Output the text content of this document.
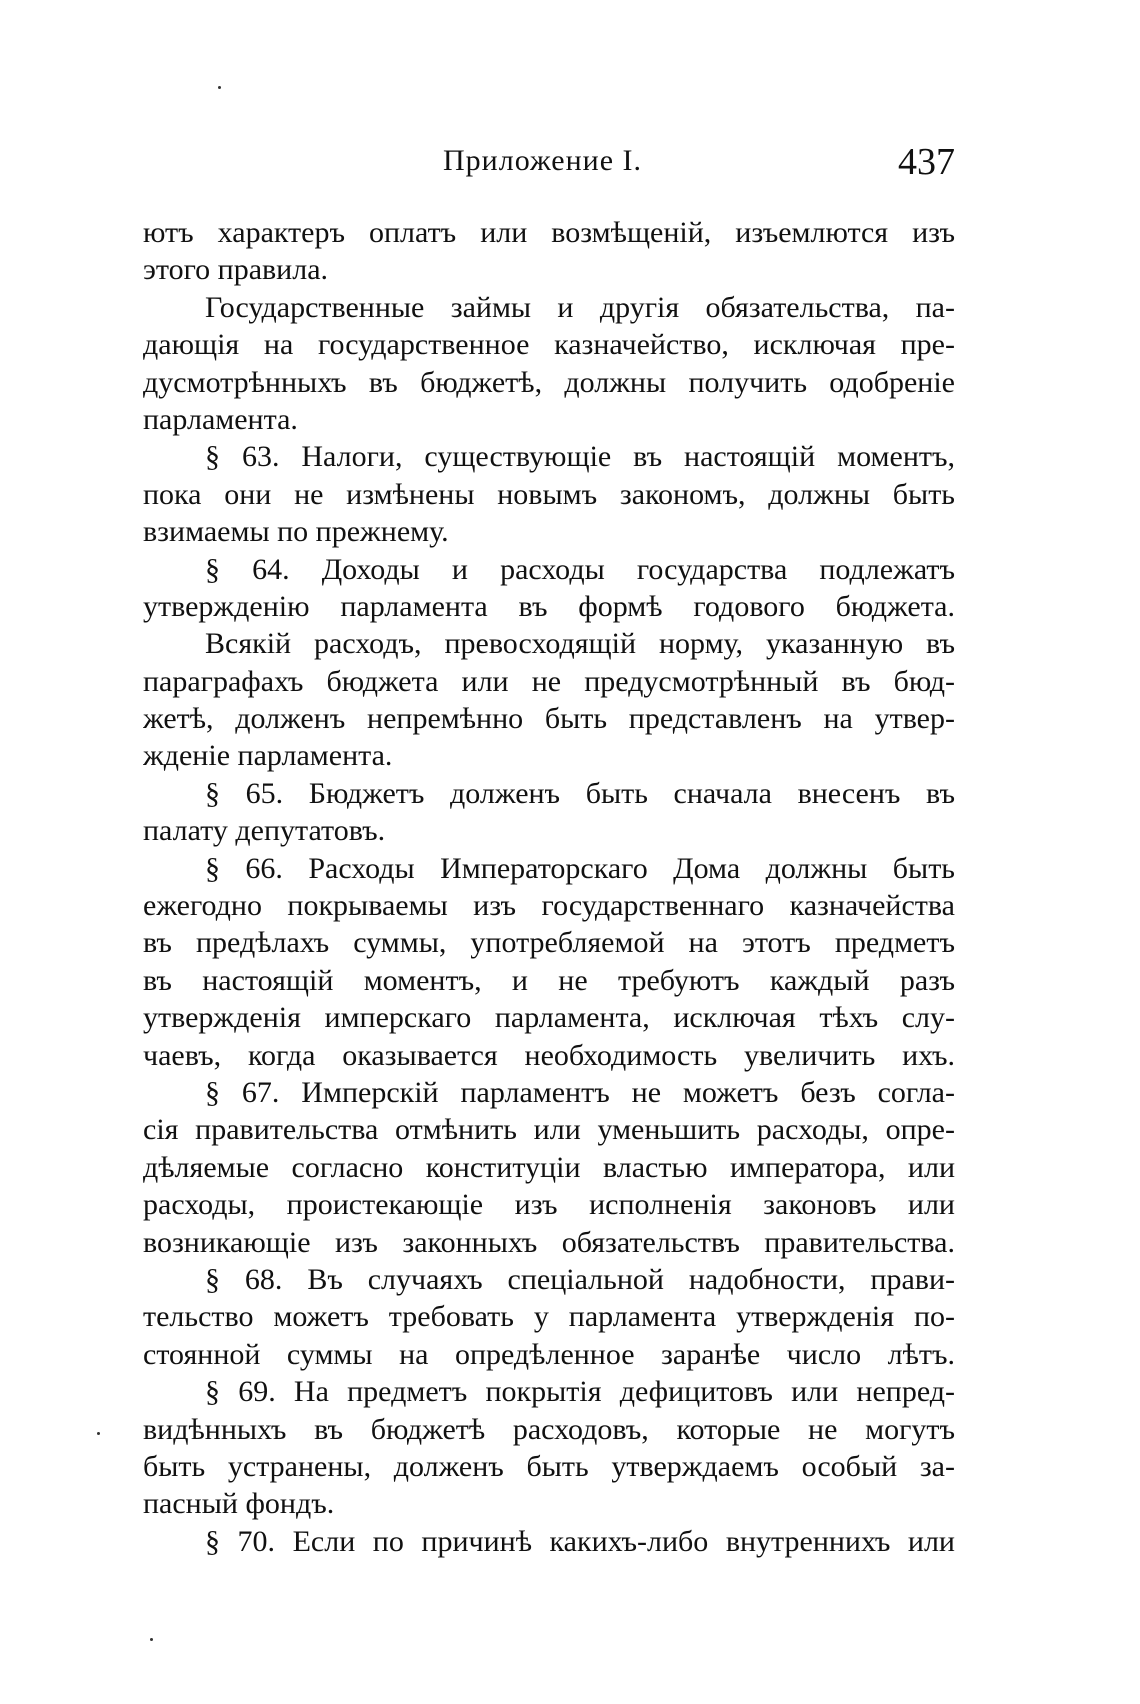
Приложение I.	437
ютъ характеръ оплатъ или возмѣщеній, изъемлются изъ
этого правила.
Государственные займы и другія обязательства, па-
дающія на государственное казначейство, исключая пре-
дусмотрѣнныхъ въ бюджетѣ, должны получить одобреніе
парламента.
§ 63. Налоги, существующіе въ настоящій моментъ,
пока они не измѣнены новымъ закономъ, должны быть
взимаемы по прежнему.
§ 64. Доходы и расходы государства подлежатъ
утвержденію парламента въ формѣ годового бюджета.
Всякій расходъ, превосходящій норму, указанную въ
параграфахъ бюджета или не предусмотрѣнный въ бюд-
жетѣ, долженъ непремѣнно быть представленъ на утвер-
жденіе парламента.
§ 65. Бюджетъ долженъ быть сначала внесенъ въ
палату депутатовъ.
§ 66. Расходы Императорскаго Дома должны быть
ежегодно покрываемы изъ государственнаго казначейства
въ предѣлахъ суммы, употребляемой на этотъ предметъ
въ настоящій моментъ, и не требуютъ каждый разъ
утвержденія имперскаго парламента, исключая тѣхъ слу-
чаевъ, когда оказывается необходимость увеличить ихъ.
§ 67. Имперскій парламентъ не можетъ безъ согла-
сія правительства отмѣнить или уменьшить расходы, опре-
дѣляемые согласно конституціи властью императора, или
расходы, проистекающіе изъ исполненія законовъ или
возникающіе изъ законныхъ обязательствъ правительства.
§ 68. Въ случаяхъ спеціальной надобности, прави-
тельство можетъ требовать у парламента утвержденія по-
стоянной суммы на опредѣленное заранѣе число лѣтъ.
§ 69. На предметъ покрытія дефицитовъ или непред-
видѣнныхъ въ бюджетѣ расходовъ, которые не могутъ
быть устранены, долженъ быть утверждаемъ особый за-
пасный фондъ.
§ 70. Если по причинѣ какихъ-либо внутреннихъ или
